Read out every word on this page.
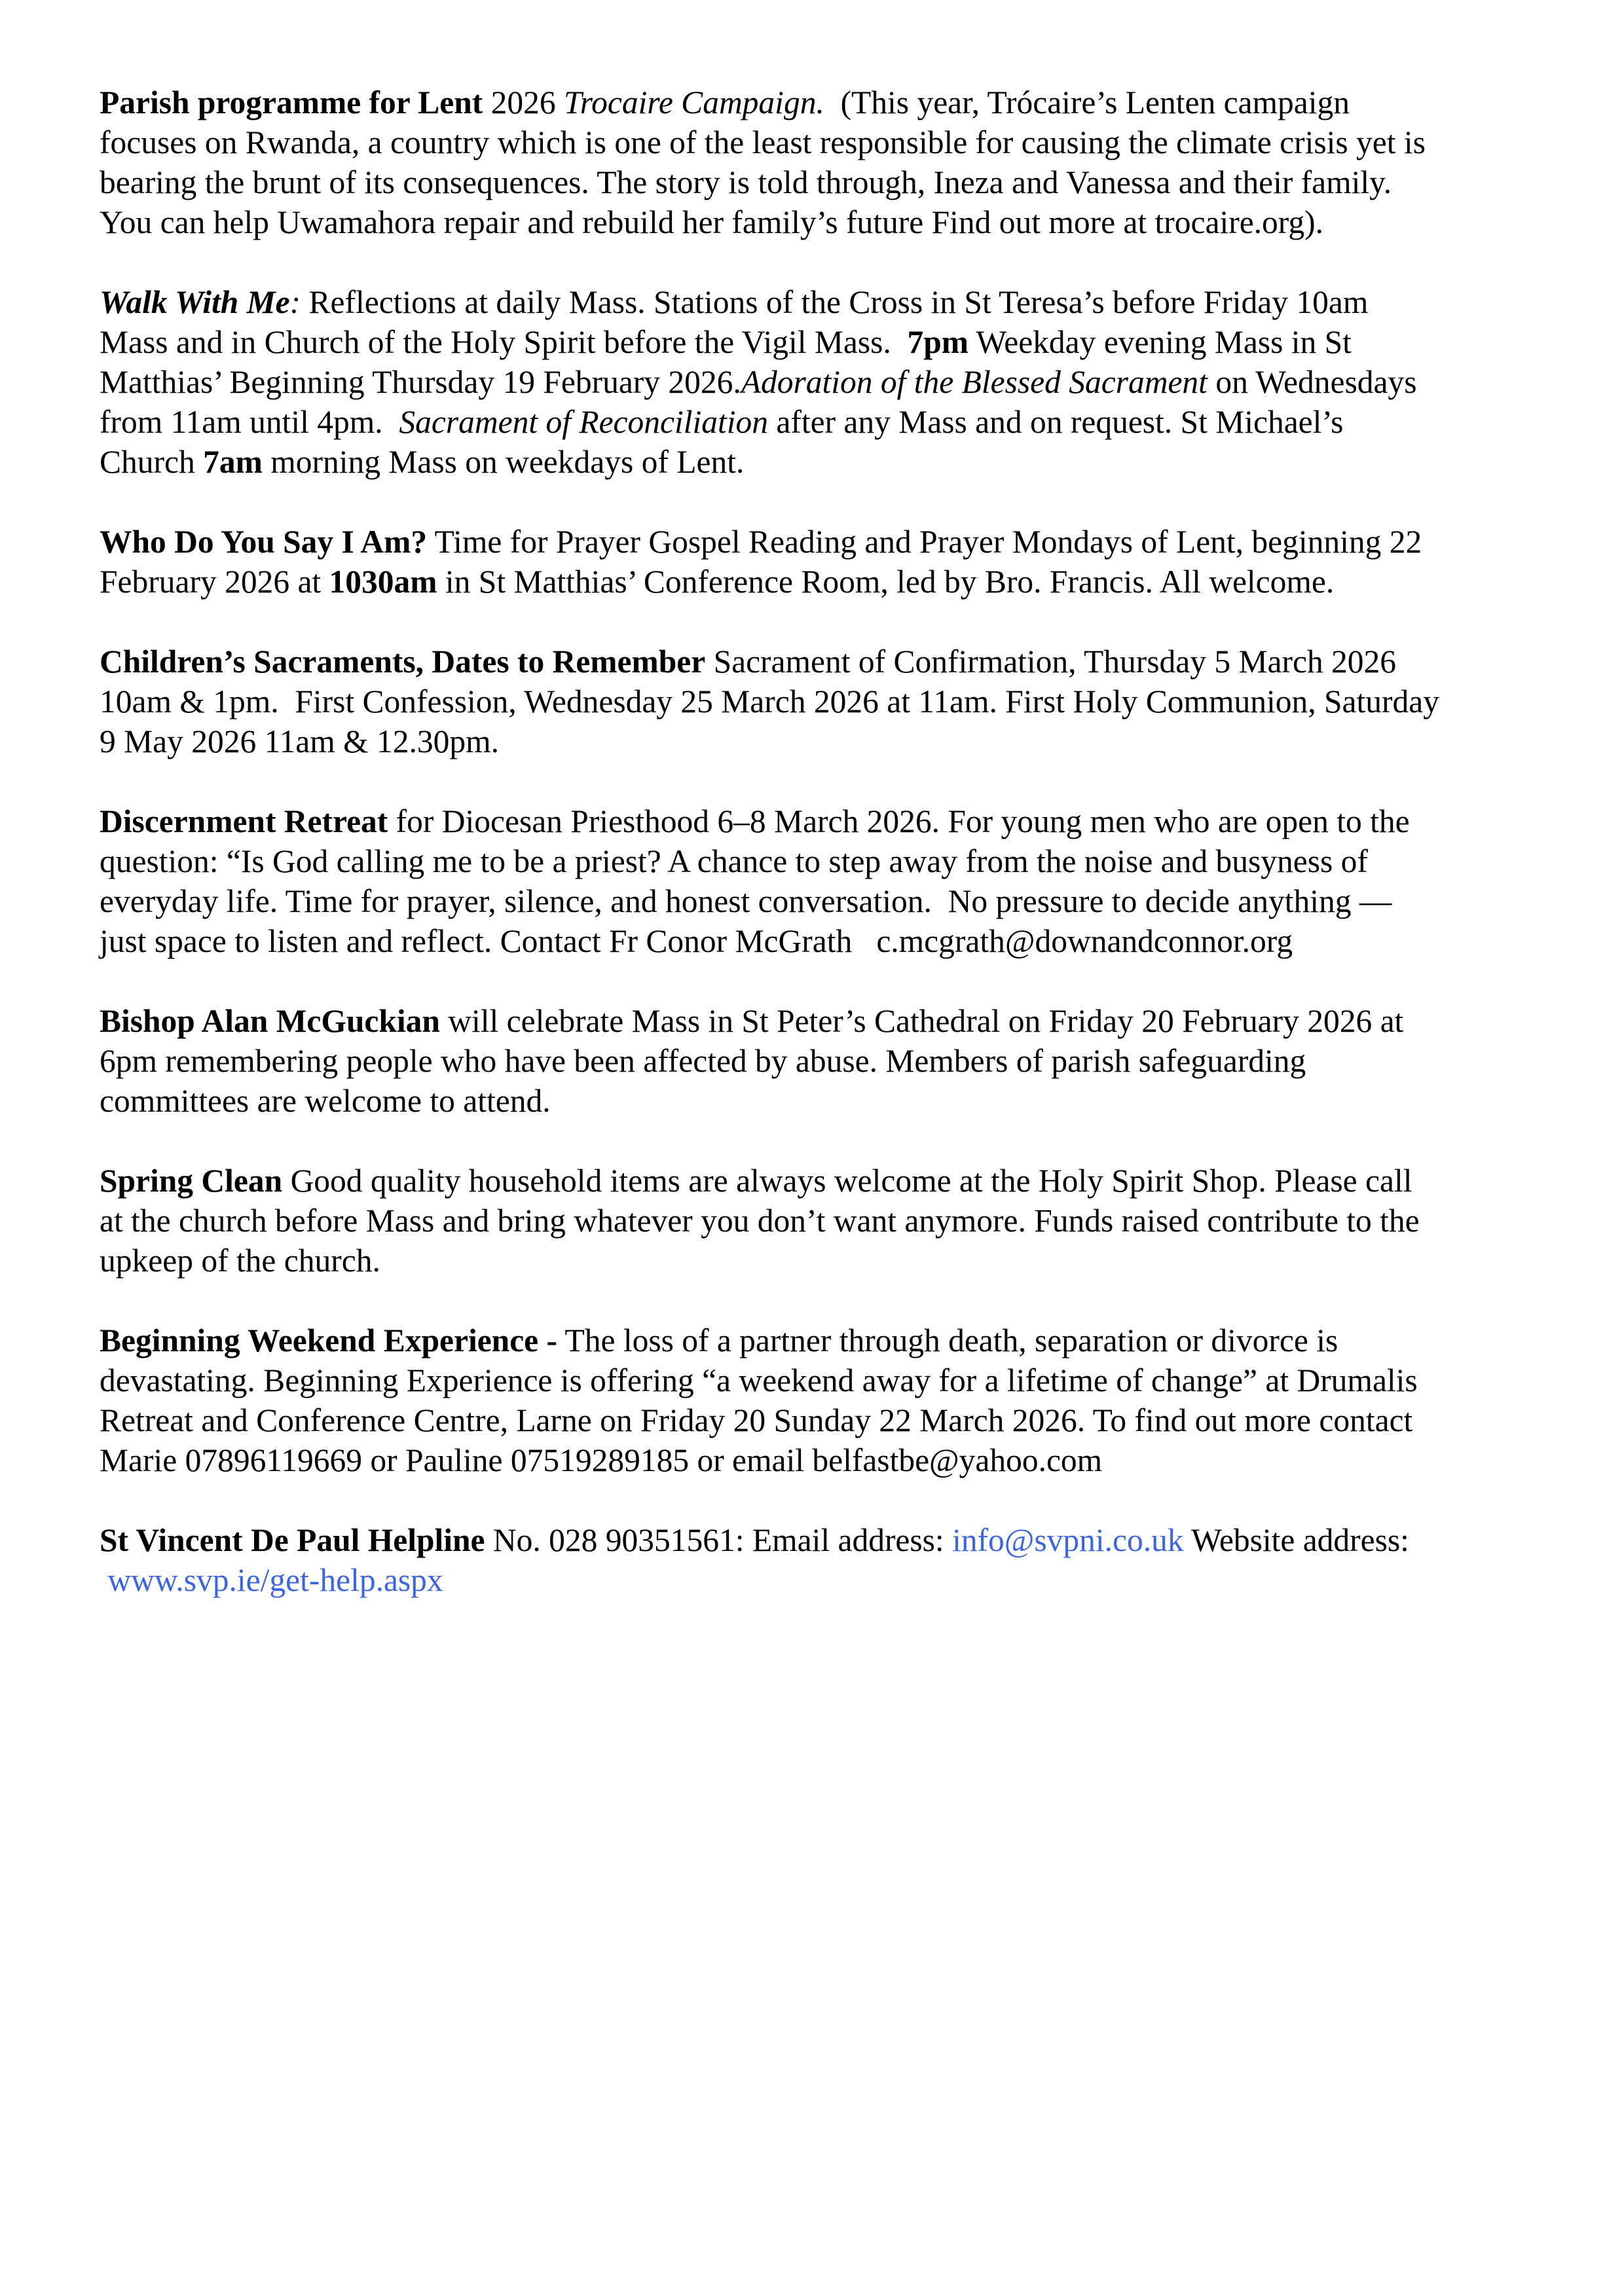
Parish programme for Lent 2026 Trocaire Campaign.  (This year, Trócaire’s Lenten campaign
focuses on Rwanda, a country which is one of the least responsible for causing the climate crisis yet is
bearing the brunt of its consequences. The story is told through, Ineza and Vanessa and their family.
You can help Uwamahora repair and rebuild her family’s future Find out more at trocaire.org).
Walk With Me: Reflections at daily Mass. Stations of the Cross in St Teresa’s before Friday 10am
Mass and in Church of the Holy Spirit before the Vigil Mass.  7pm Weekday evening Mass in St
Matthias’ Beginning Thursday 19 February 2026.Adoration of the Blessed Sacrament on Wednesdays
from 11am until 4pm.  Sacrament of Reconciliation after any Mass and on request. St Michael’s
Church 7am morning Mass on weekdays of Lent.
Who Do You Say I Am? Time for Prayer Gospel Reading and Prayer Mondays of Lent, beginning 22
February 2026 at 1030am in St Matthias’ Conference Room, led by Bro. Francis. All welcome.
Children’s Sacraments, Dates to Remember Sacrament of Confirmation, Thursday 5 March 2026
10am & 1pm.  First Confession, Wednesday 25 March 2026 at 11am. First Holy Communion, Saturday
9 May 2026 11am & 12.30pm.
Discernment Retreat for Diocesan Priesthood 6–8 March 2026. For young men who are open to the
question: “Is God calling me to be a priest? A chance to step away from the noise and busyness of
everyday life. Time for prayer, silence, and honest conversation.  No pressure to decide anything —
just space to listen and reflect. Contact Fr Conor McGrath   c.mcgrath@downandconnor.org
Bishop Alan McGuckian will celebrate Mass in St Peter’s Cathedral on Friday 20 February 2026 at
6pm remembering people who have been affected by abuse. Members of parish safeguarding
committees are welcome to attend.
Spring Clean Good quality household items are always welcome at the Holy Spirit Shop. Please call
at the church before Mass and bring whatever you don’t want anymore. Funds raised contribute to the
upkeep of the church.
Beginning Weekend Experience - The loss of a partner through death, separation or divorce is
devastating. Beginning Experience is offering “a weekend away for a lifetime of change” at Drumalis
Retreat and Conference Centre, Larne on Friday 20 Sunday 22 March 2026. To find out more contact
Marie 07896119669 or Pauline 07519289185 or email belfastbe@yahoo.com
St Vincent De Paul Helpline No. 028 90351561: Email address: info@svpni.co.uk Website address:
www.svp.ie/get-help.aspx
